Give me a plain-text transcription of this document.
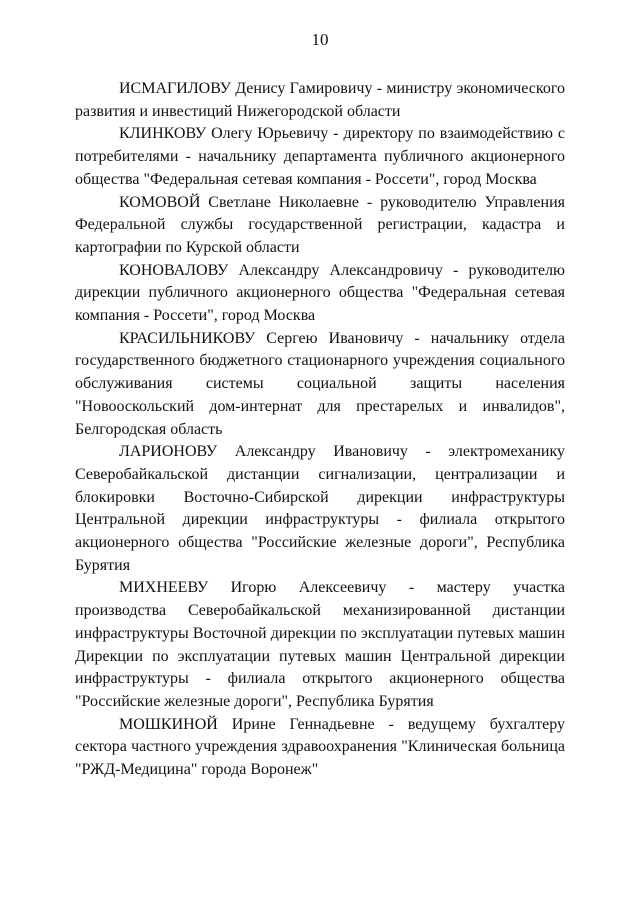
10

ИСМАГИЛОВУ Денису Гамировичу - министру экономического развития и инвестиций Нижегородской области

КЛИНКОВУ Олегу Юрьевичу - директору по взаимодействию с потребителями - начальнику департамента публичного акционерного общества "Федеральная сетевая компания - Россети", город Москва

КОМОВОЙ Светлане Николаевне - руководителю Управления Федеральной службы государственной регистрации, кадастра и картографии по Курской области

КОНОВАЛОВУ Александру Александровичу - руководителю дирекции публичного акционерного общества "Федеральная сетевая компания - Россети", город Москва

КРАСИЛЬНИКОВУ Сергею Ивановичу - начальнику отдела государственного бюджетного стационарного учреждения социального обслуживания системы социальной защиты населения "Новооскольский дом-интернат для престарелых и инвалидов", Белгородская область

ЛАРИОНОВУ Александру Ивановичу - электромеханику Северобайкальской дистанции сигнализации, централизации и блокировки Восточно-Сибирской дирекции инфраструктуры Центральной дирекции инфраструктуры - филиала открытого акционерного общества "Российские железные дороги", Республика Бурятия

МИХНЕЕВУ Игорю Алексеевичу - мастеру участка производства Северобайкальской механизированной дистанции инфраструктуры Восточной дирекции по эксплуатации путевых машин Дирекции по эксплуатации путевых машин Центральной дирекции инфраструктуры - филиала открытого акционерного общества "Российские железные дороги", Республика Бурятия

МОШКИНОЙ Ирине Геннадьевне - ведущему бухгалтеру сектора частного учреждения здравоохранения "Клиническая больница "РЖД-Медицина" города Воронеж"
